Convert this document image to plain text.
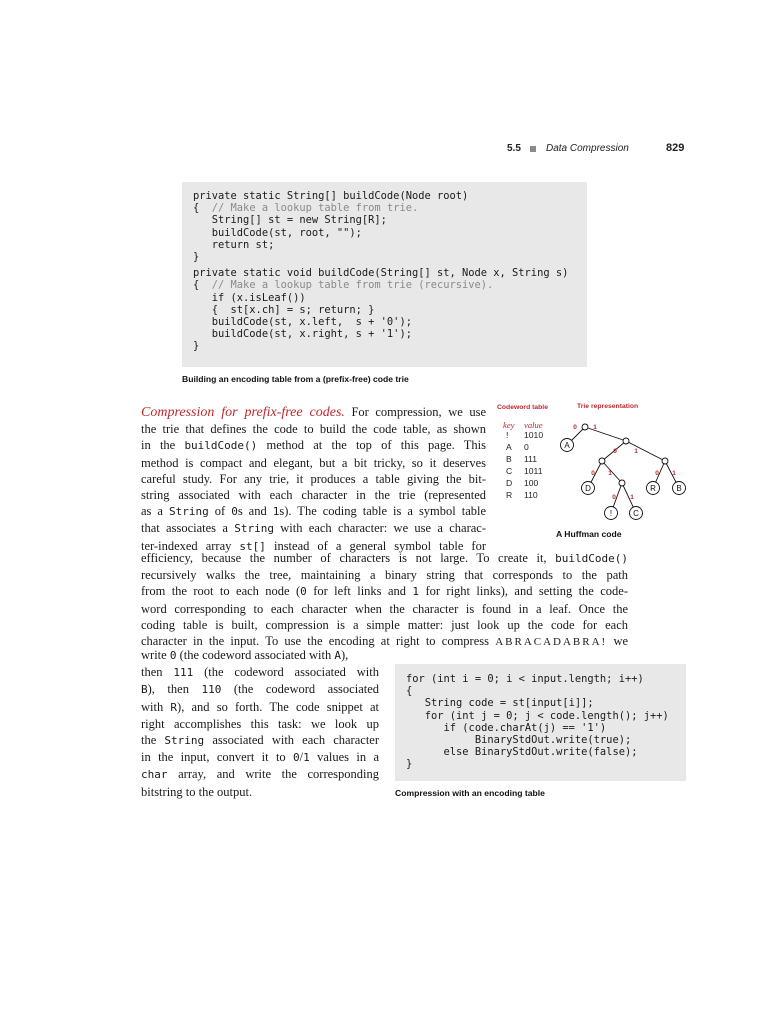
5.5	Data Compression	829
private static String[] buildCode(Node root)
{  // Make a lookup table from trie.
String[] st = new String[R];
buildCode(st, root, "");
return st;
}
private static void buildCode(String[] st, Node x, String s)
{  // Make a lookup table from trie (recursive).
if (x.isLeaf())
{  st[x.ch] = s; return; }
buildCode(st, x.left,  s + '0');
buildCode(st, x.right, s + '1');
}
Building an encoding table from a (prefix-free) code trie
Codeword table	Trie representation
key value
! 1010
A 0
B 111
C 1011
D 100
R 110
A
D
!	C
R	B
0	1
0	1
0 1	0 1
0 1
A Huffman code
Compression for prefix-free codes. For compression, we use
the trie that defines the code to build the code table, as shown
in the buildCode() method at the top of this page. This
method is compact and elegant, but a bit tricky, so it deserves
careful study. For any trie, it produces a table giving the bit-
string associated with each character in the trie (represented
as a String of 0s and 1s). The coding table is a symbol table
that associates a String with each character: we use a charac-
ter-indexed array st[] instead of a general symbol table for
efficiency, because the number of characters is not large. To create it, buildCode()
recursively walks the tree, maintaining a binary string that corresponds to the path
from the root to each node (0 for left links and 1 for right links), and setting the code-
word corresponding to each character when the character is found in a leaf. Once the
coding table is built, compression is a simple matter: just look up the code for each
character in the input. To use the encoding at right to compress ABRACADABRA! we
write 0 (the codeword associated with A),
then 111 (the codeword associated with
B), then 110 (the codeword associated
with R), and so forth. The code snippet at
right accomplishes this task: we look up
the String associated with each character
in the input, convert it to 0/1 values in a
char array, and write the corresponding
bitstring to the output.
for (int i = 0; i < input.length; i++)
{
String code = st[input[i]];
for (int j = 0; j < code.length(); j++)
if (code.charAt(j) == '1')
BinaryStdOut.write(true);
else BinaryStdOut.write(false);
}
Compression with an encoding table
